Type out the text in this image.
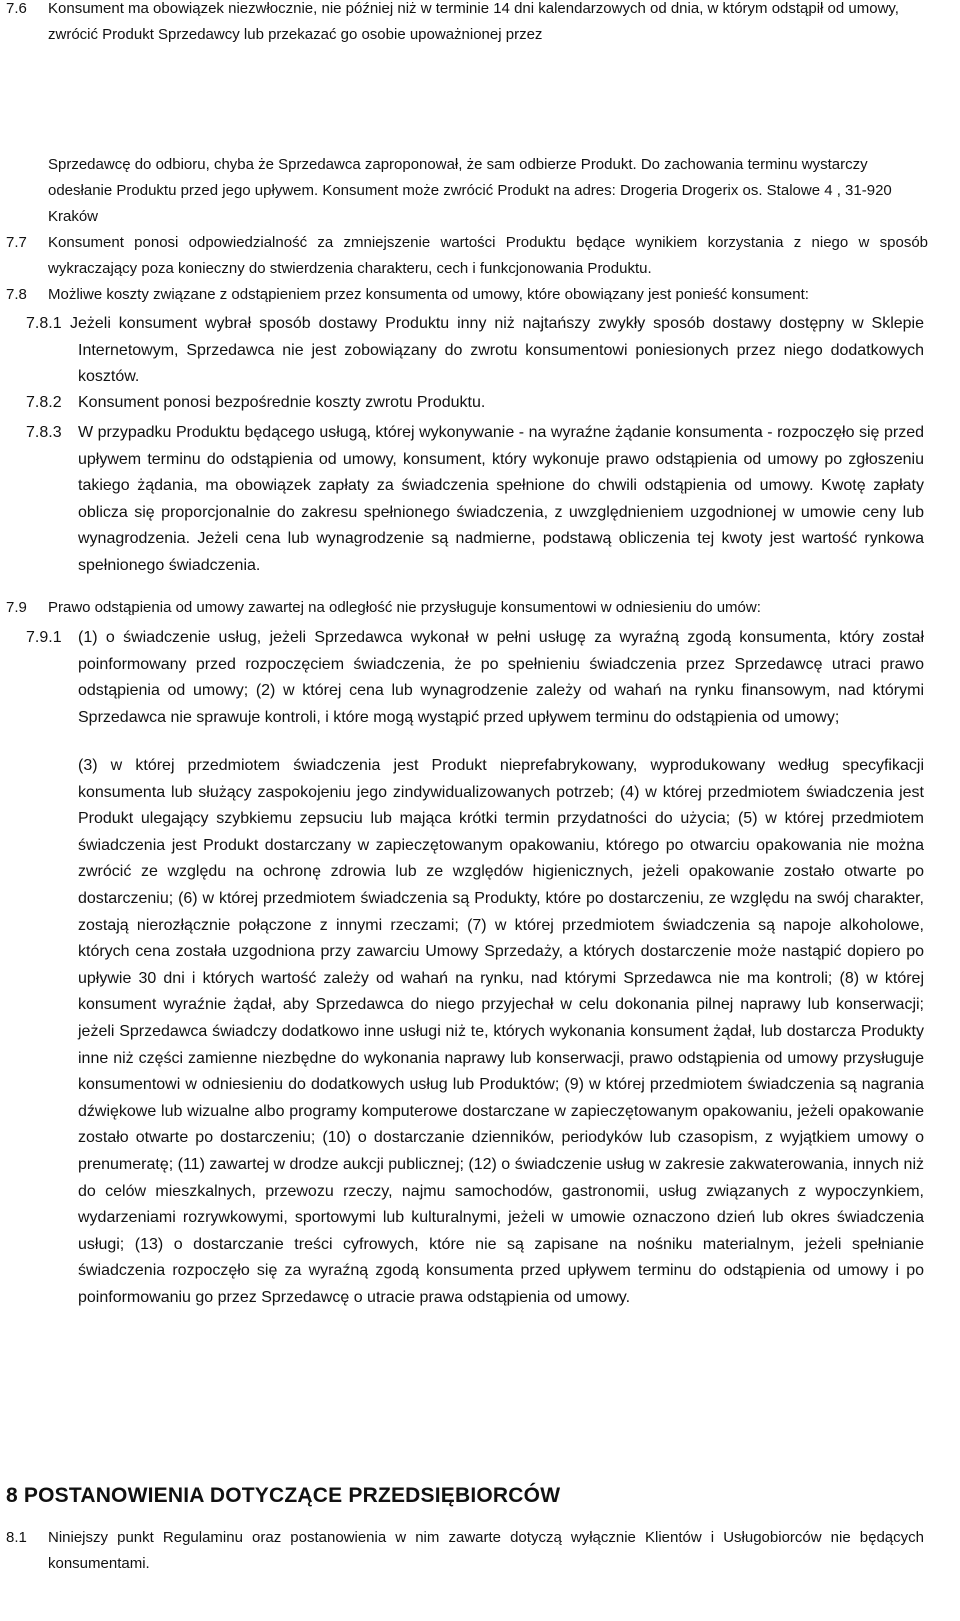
7.6 Konsument ma obowiązek niezwłocznie, nie później niż w terminie 14 dni kalendarzowych od dnia, w którym odstąpił od umowy, zwrócić Produkt Sprzedawcy lub przekazać go osobie upoważnionej przez
Sprzedawcę do odbioru, chyba że Sprzedawca zaproponował, że sam odbierze Produkt. Do zachowania terminu wystarczy odesłanie Produktu przed jego upływem. Konsument może zwrócić Produkt na adres: Drogeria Drogerix os. Stalowe 4 , 31-920 Kraków
7.7 Konsument ponosi odpowiedzialność za zmniejszenie wartości Produktu będące wynikiem korzystania z niego w sposób wykraczający poza konieczny do stwierdzenia charakteru, cech i funkcjonowania Produktu.
7.8 Możliwe koszty związane z odstąpieniem przez konsumenta od umowy, które obowiązany jest ponieść konsument:
7.8.1 Jeżeli konsument wybrał sposób dostawy Produktu inny niż najtańszy zwykły sposób dostawy dostępny w Sklepie Internetowym, Sprzedawca nie jest zobowiązany do zwrotu konsumentowi poniesionych przez niego dodatkowych kosztów.
7.8.2 Konsument ponosi bezpośrednie koszty zwrotu Produktu.
7.8.3 W przypadku Produktu będącego usługą, której wykonywanie - na wyraźne żądanie konsumenta - rozpoczęło się przed upływem terminu do odstąpienia od umowy, konsument, który wykonuje prawo odstąpienia od umowy po zgłoszeniu takiego żądania, ma obowiązek zapłaty za świadczenia spełnione do chwili odstąpienia od umowy. Kwotę zapłaty oblicza się proporcjonalnie do zakresu spełnionego świadczenia, z uwzględnieniem uzgodnionej w umowie ceny lub wynagrodzenia. Jeżeli cena lub wynagrodzenie są nadmierne, podstawą obliczenia tej kwoty jest wartość rynkowa spełnionego świadczenia.
7.9 Prawo odstąpienia od umowy zawartej na odległość nie przysługuje konsumentowi w odniesieniu do umów:
7.9.1 (1) o świadczenie usług, jeżeli Sprzedawca wykonał w pełni usługę za wyraźną zgodą konsumenta, który został poinformowany przed rozpoczęciem świadczenia, że po spełnieniu świadczenia przez Sprzedawcę utraci prawo odstąpienia od umowy; (2) w której cena lub wynagrodzenie zależy od wahań na rynku finansowym, nad którymi Sprzedawca nie sprawuje kontroli, i które mogą wystąpić przed upływem terminu do odstąpienia od umowy;
(3) w której przedmiotem świadczenia jest Produkt nieprefabrykowany, wyprodukowany według specyfikacji konsumenta lub służący zaspokojeniu jego zindywidualizowanych potrzeb; (4) w której przedmiotem świadczenia jest Produkt ulegający szybkiemu zepsuciu lub mająca krótki termin przydatności do użycia; (5) w której przedmiotem świadczenia jest Produkt dostarczany w zapieczętowanym opakowaniu, którego po otwarciu opakowania nie można zwrócić ze względu na ochronę zdrowia lub ze względów higienicznych, jeżeli opakowanie zostało otwarte po dostarczeniu; (6) w której przedmiotem świadczenia są Produkty, które po dostarczeniu, ze względu na swój charakter, zostają nierozłącznie połączone z innymi rzeczami; (7) w której przedmiotem świadczenia są napoje alkoholowe, których cena została uzgodniona przy zawarciu Umowy Sprzedaży, a których dostarczenie może nastąpić dopiero po upływie 30 dni i których wartość zależy od wahań na rynku, nad którymi Sprzedawca nie ma kontroli; (8) w której konsument wyraźnie żądał, aby Sprzedawca do niego przyjechał w celu dokonania pilnej naprawy lub konserwacji; jeżeli Sprzedawca świadczy dodatkowo inne usługi niż te, których wykonania konsument żądał, lub dostarcza Produkty inne niż części zamienne niezbędne do wykonania naprawy lub konserwacji, prawo odstąpienia od umowy przysługuje konsumentowi w odniesieniu do dodatkowych usług lub Produktów; (9) w której przedmiotem świadczenia są nagrania dźwiękowe lub wizualne albo programy komputerowe dostarczane w zapieczętowanym opakowaniu, jeżeli opakowanie zostało otwarte po dostarczeniu; (10) o dostarczanie dzienników, periodyków lub czasopism, z wyjątkiem umowy o prenumeratę; (11) zawartej w drodze aukcji publicznej; (12) o świadczenie usług w zakresie zakwaterowania, innych niż do celów mieszkalnych, przewozu rzeczy, najmu samochodów, gastronomii, usług związanych z wypoczynkiem, wydarzeniami rozrywkowymi, sportowymi lub kulturalnymi, jeżeli w umowie oznaczono dzień lub okres świadczenia usługi; (13) o dostarczanie treści cyfrowych, które nie są zapisane na nośniku materialnym, jeżeli spełnianie świadczenia rozpoczęło się za wyraźną zgodą konsumenta przed upływem terminu do odstąpienia od umowy i po poinformowaniu go przez Sprzedawcę o utracie prawa odstąpienia od umowy.
8 POSTANOWIENIA DOTYCZĄCE PRZEDSIĘBIORCÓW
8.1 Niniejszy punkt Regulaminu oraz postanowienia w nim zawarte dotyczą wyłącznie Klientów i Usługobiorców nie będących konsumentami.
